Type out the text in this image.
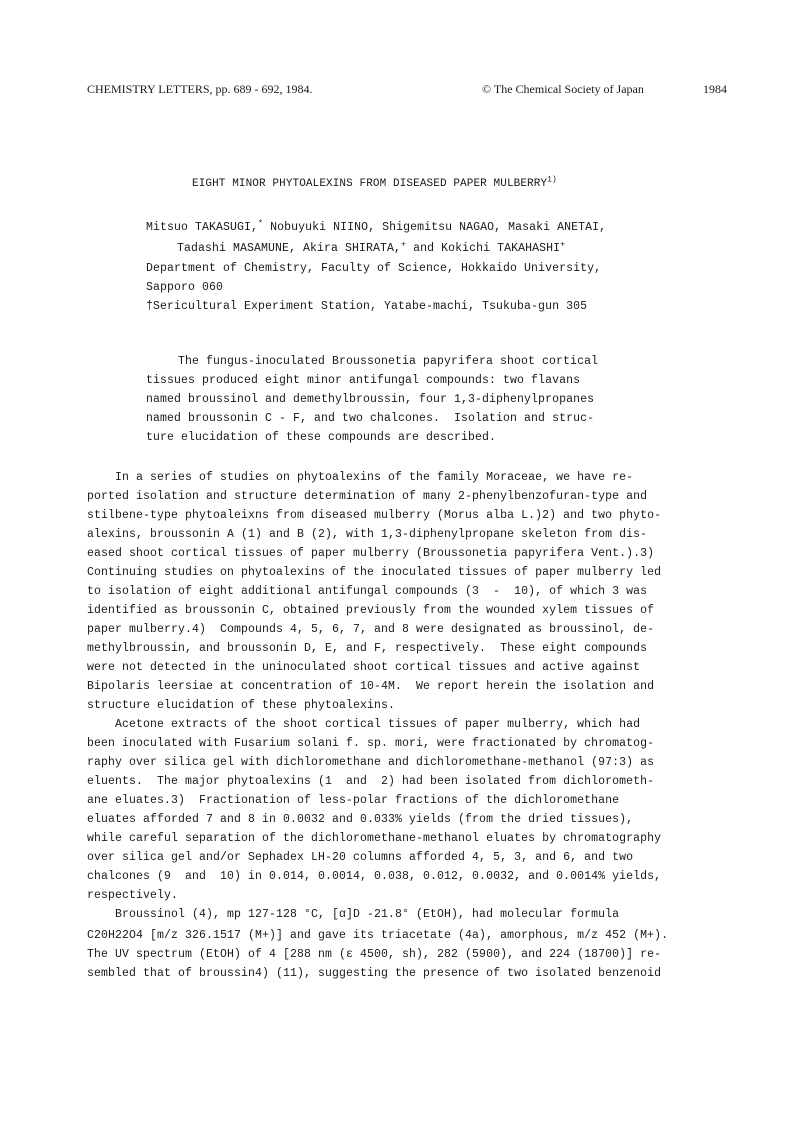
CHEMISTRY LETTERS, pp. 689 - 692, 1984.	© The Chemical Society of Japan	1984
EIGHT MINOR PHYTOALEXINS FROM DISEASED PAPER MULBERRY$^{1)}$
Mitsuo TAKASUGI,* Nobuyuki NIINO, Shigemitsu NAGAO, Masaki ANETAI,
Tadashi MASAMUNE, Akira SHIRATA,+ and Kokichi TAKAHASHI+
Department of Chemistry, Faculty of Science, Hokkaido University,
Sapporo 060
†Sericultural Experiment Station, Yatabe-machi, Tsukuba-gun 305
The fungus-inoculated Broussonetia papyrifera shoot cortical
tissues produced eight minor antifungal compounds: two flavans
named broussinol and demethylbroussin, four 1,3-diphenylpropanes
named broussonin C - F, and two chalcones.  Isolation and struc-
ture elucidation of these compounds are described.
In a series of studies on phytoalexins of the family Moraceae, we have re-
ported isolation and structure determination of many 2-phenylbenzofuran-type and
stilbene-type phytoaleixns from diseased mulberry (Morus alba L.)2) and two phyto-
alexins, broussonin A (1) and B (2), with 1,3-diphenylpropane skeleton from dis-
eased shoot cortical tissues of paper mulberry (Broussonetia papyrifera Vent.).3)
Continuing studies on phytoalexins of the inoculated tissues of paper mulberry led
to isolation of eight additional antifungal compounds (3  -  10), of which 3 was
identified as broussonin C, obtained previously from the wounded xylem tissues of
paper mulberry.4)  Compounds 4, 5, 6, 7, and 8 were designated as broussinol, de-
methylbroussin, and broussonin D, E, and F, respectively.  These eight compounds
were not detected in the uninoculated shoot cortical tissues and active against
Bipolaris leersiae at concentration of 10-4M.  We report herein the isolation and
structure elucidation of these phytoalexins.
Acetone extracts of the shoot cortical tissues of paper mulberry, which had
been inoculated with Fusarium solani f. sp. mori, were fractionated by chromatog-
raphy over silica gel with dichloromethane and dichloromethane-methanol (97:3) as
eluents.  The major phytoalexins (1  and  2) had been isolated from dichlorometh-
ane eluates.3)  Fractionation of less-polar fractions of the dichloromethane
eluates afforded 7 and 8 in 0.0032 and 0.033% yields (from the dried tissues),
while careful separation of the dichloromethane-methanol eluates by chromatography
over silica gel and/or Sephadex LH-20 columns afforded 4, 5, 3, and 6, and two
chalcones (9  and  10) in 0.014, 0.0014, 0.038, 0.012, 0.0032, and 0.0014% yields,
respectively.
Broussinol (4), mp 127-128 °C, [α]D -21.8° (EtOH), had molecular formula
C20H22O4 [m/z 326.1517 (M+)] and gave its triacetate (4a), amorphous, m/z 452 (M+).
The UV spectrum (EtOH) of 4 [288 nm (ε 4500, sh), 282 (5900), and 224 (18700)] re-
sembled that of broussin4) (11), suggesting the presence of two isolated benzenoid
